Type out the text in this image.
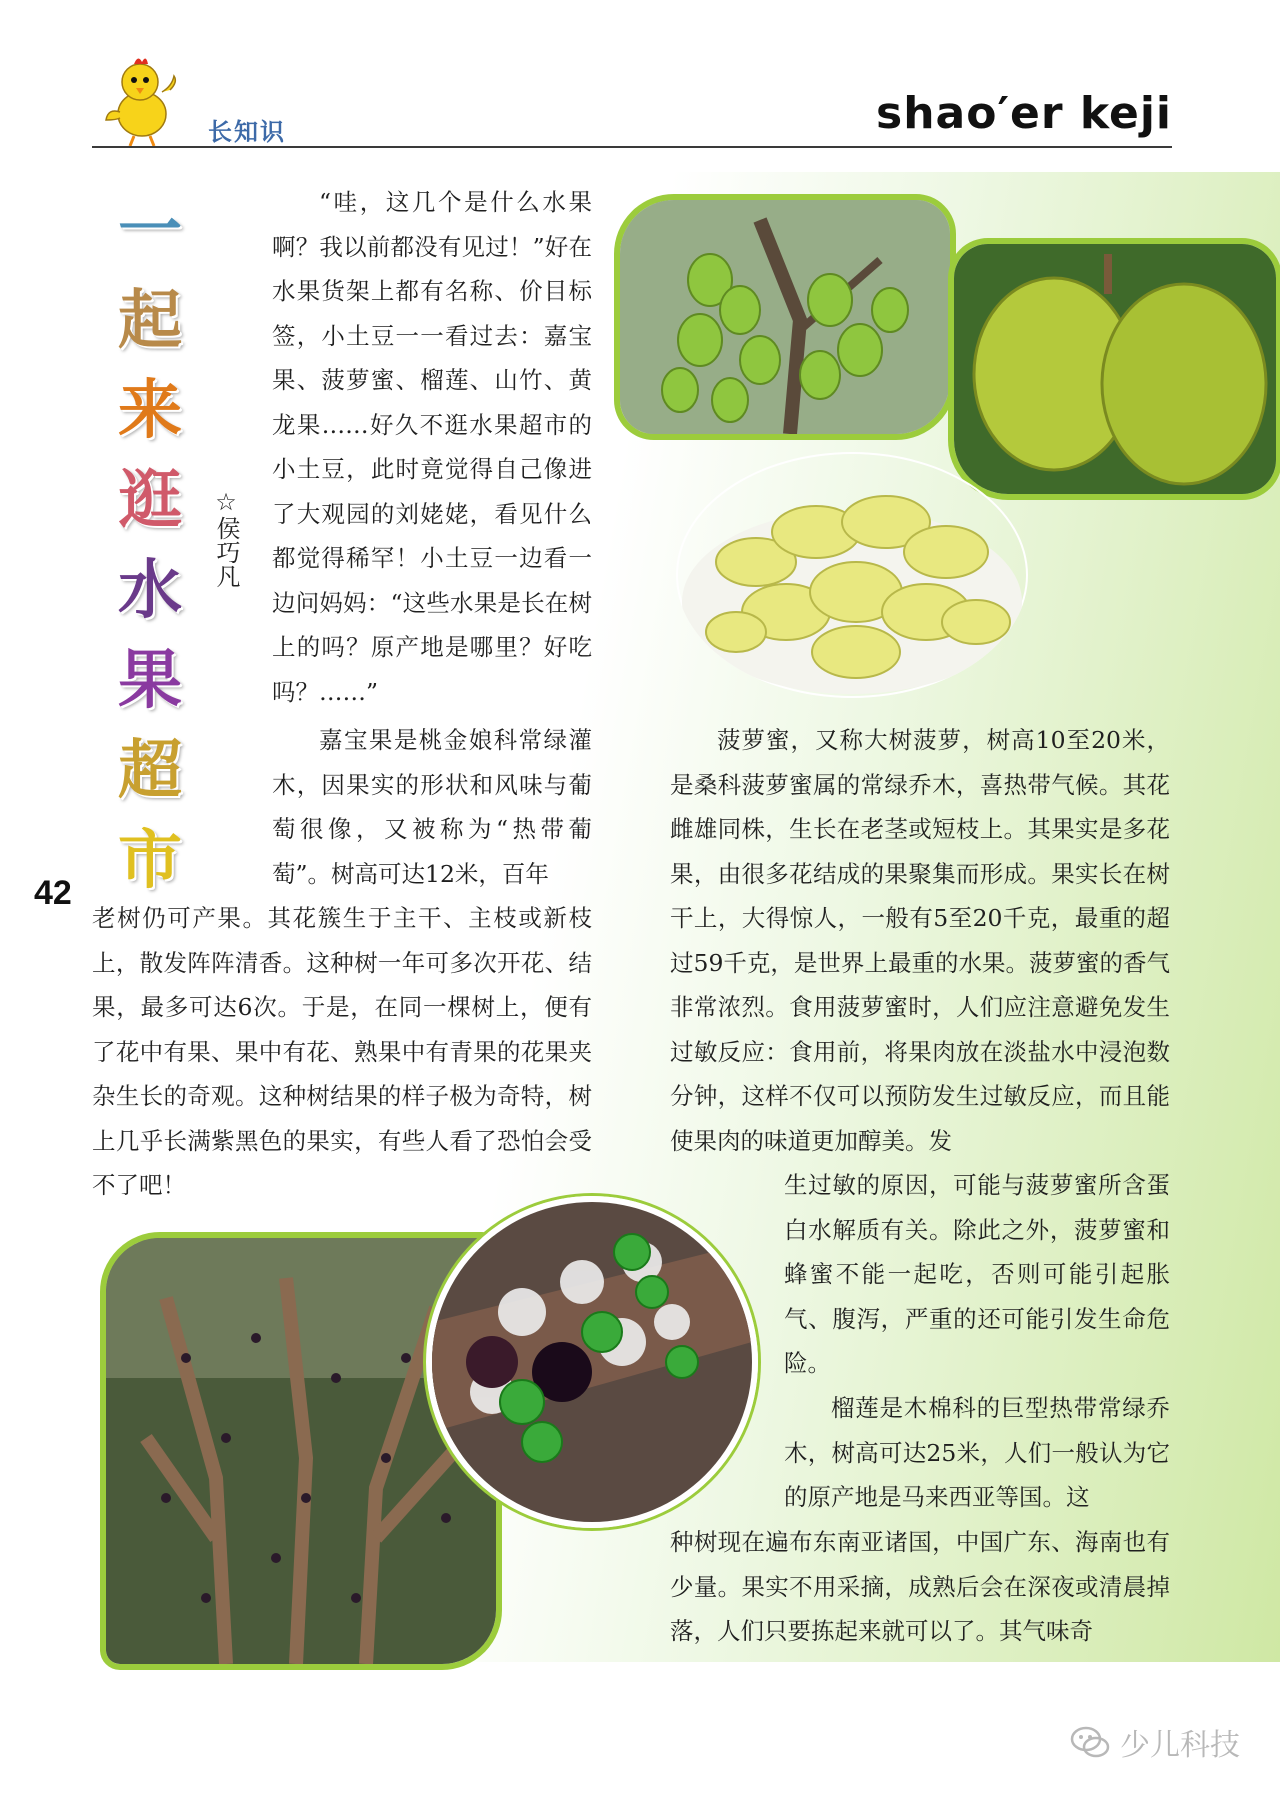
长知识	shao′er keji
一
起
来
逛
水
果
超
市
☆侯巧凡
42

“哇，这几个是什么水果啊？我以前都没有见过！”好在水果货架上都有名称、价目标签，小土豆一一看过去：嘉宝果、菠萝蜜、榴莲、山竹、黄龙果……好久不逛水果超市的小土豆，此时竟觉得自己像进了大观园的刘姥姥，看见什么都觉得稀罕！小土豆一边看一边问妈妈：“这些水果是长在树上的吗？原产地是哪里？好吃吗？……”

嘉宝果是桃金娘科常绿灌木，因果实的形状和风味与葡萄很像，又被称为“热带葡萄”。树高可达12米，百年

老树仍可产果。其花簇生于主干、主枝或新枝上，散发阵阵清香。这种树一年可多次开花、结果，最多可达6次。于是，在同一棵树上，便有了花中有果、果中有花、熟果中有青果的花果夹杂生长的奇观。这种树结果的样子极为奇特，树上几乎长满紫黑色的果实，有些人看了恐怕会受不了吧！

菠萝蜜，又称大树菠萝，树高10至20米，是桑科菠萝蜜属的常绿乔木，喜热带气候。其花雌雄同株，生长在老茎或短枝上。其果实是多花果，由很多花结成的果聚集而形成。果实长在树干上，大得惊人，一般有5至20千克，最重的超过59千克，是世界上最重的水果。菠萝蜜的香气非常浓烈。食用菠萝蜜时，人们应注意避免发生过敏反应：食用前，将果肉放在淡盐水中浸泡数分钟，这样不仅可以预防发生过敏反应，而且能使果肉的味道更加醇美。发

生过敏的原因，可能与菠萝蜜所含蛋白水解质有关。除此之外，菠萝蜜和蜂蜜不能一起吃，否则可能引起胀气、腹泻，严重的还可能引发生命危险。

榴莲是木棉科的巨型热带常绿乔木，树高可达25米，人们一般认为它的原产地是马来西亚等国。这

种树现在遍布东南亚诸国，中国广东、海南也有少量。果实不用采摘，成熟后会在深夜或清晨掉落，人们只要拣起来就可以了。其气味奇

少儿科技
